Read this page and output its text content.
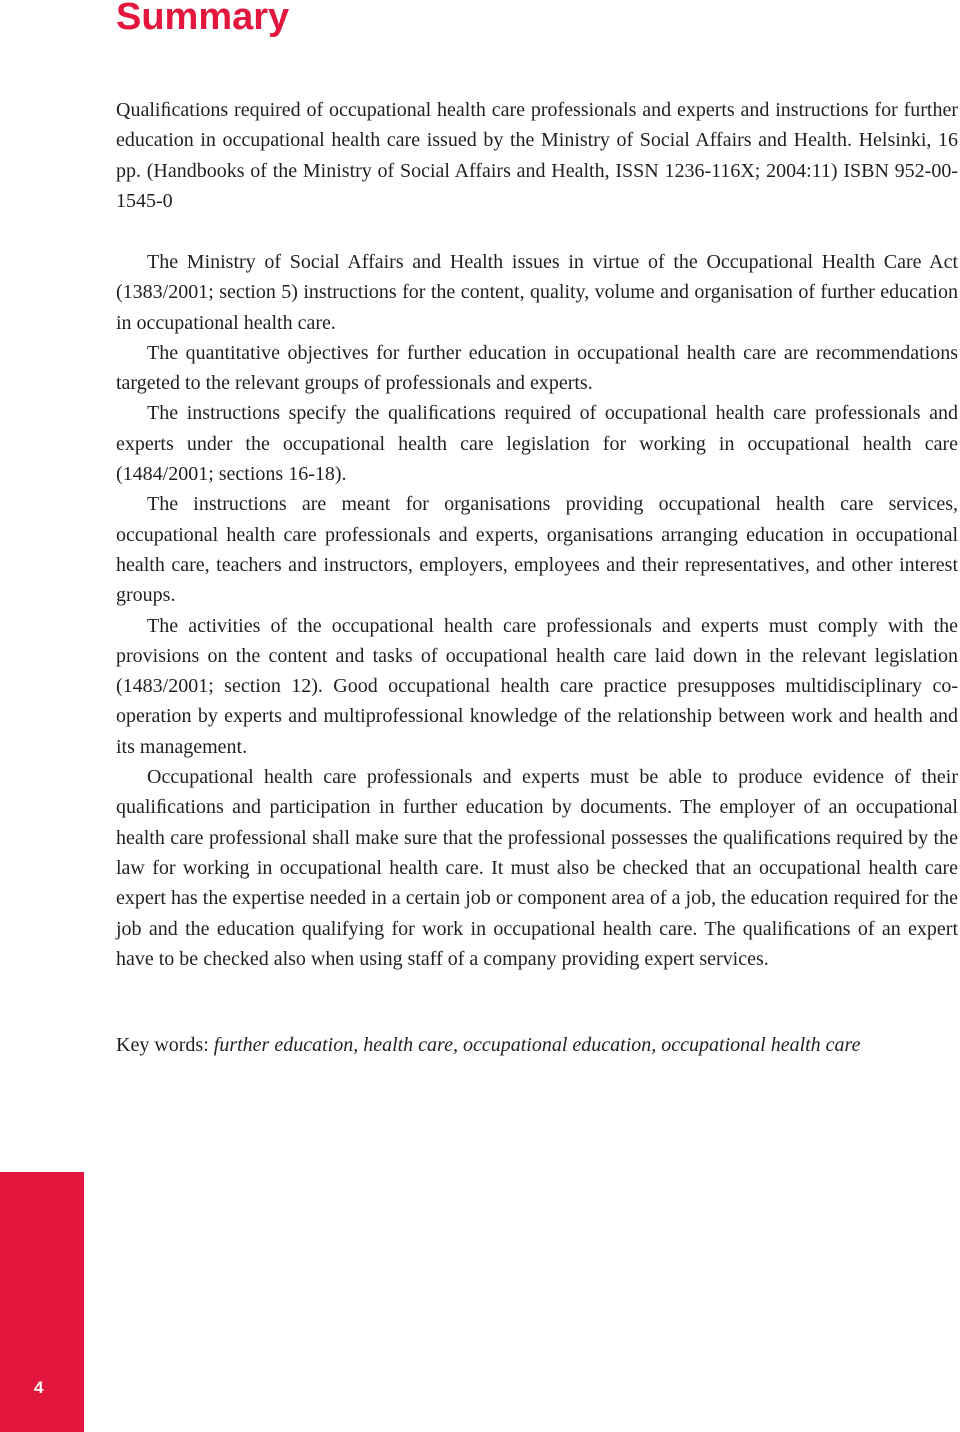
Summary

Qualiﬁcations required of occupational health care professionals and experts and instructions for further education in occupational health care issued by the Ministry of Social Affairs and Health. Helsinki, 16 pp. (Handbooks of the Ministry of Social Affairs and Health, ISSN 1236-116X; 2004:11) ISBN 952-00-1545-0

The Ministry of Social Affairs and Health issues in virtue of the Occupational Health Care Act (1383/2001; section 5) instructions for the content, quality, volume and organisation of further education in occupational health care.

The quantitative objectives for further education in occupational health care are recommendations targeted to the relevant groups of professionals and experts.

The instructions specify the qualiﬁcations required of occupational health care professionals and experts under the occupational health care legislation for working in occupational health care (1484/2001; sections 16-18).

The instructions are meant for organisations providing occupational health care services, occupational health care professionals and experts, organisations arranging education in occupational health care, teachers and instructors, employers, employees and their representatives, and other interest groups.

The activities of the occupational health care professionals and experts must comply with the provisions on the content and tasks of occupational health care laid down in the relevant legislation (1483/2001; section 12). Good occupational health care practice presupposes multidisciplinary co-operation by experts and multiprofessional knowledge of the relationship between work and health and its management.

Occupational health care professionals and experts must be able to produce evidence of their qualiﬁcations and participation in further education by documents. The employer of an occupational health care professional shall make sure that the professional possesses the qualiﬁcations required by the law for working in occupational health care. It must also be checked that an occupational health care expert has the expertise needed in a certain job or component area of a job, the education required for the job and the education qualifying for work in occupational health care. The qualiﬁcations of an expert have to be checked also when using staff of a company providing expert services.

Key words: further education, health care, occupational education, occupational health care

4
